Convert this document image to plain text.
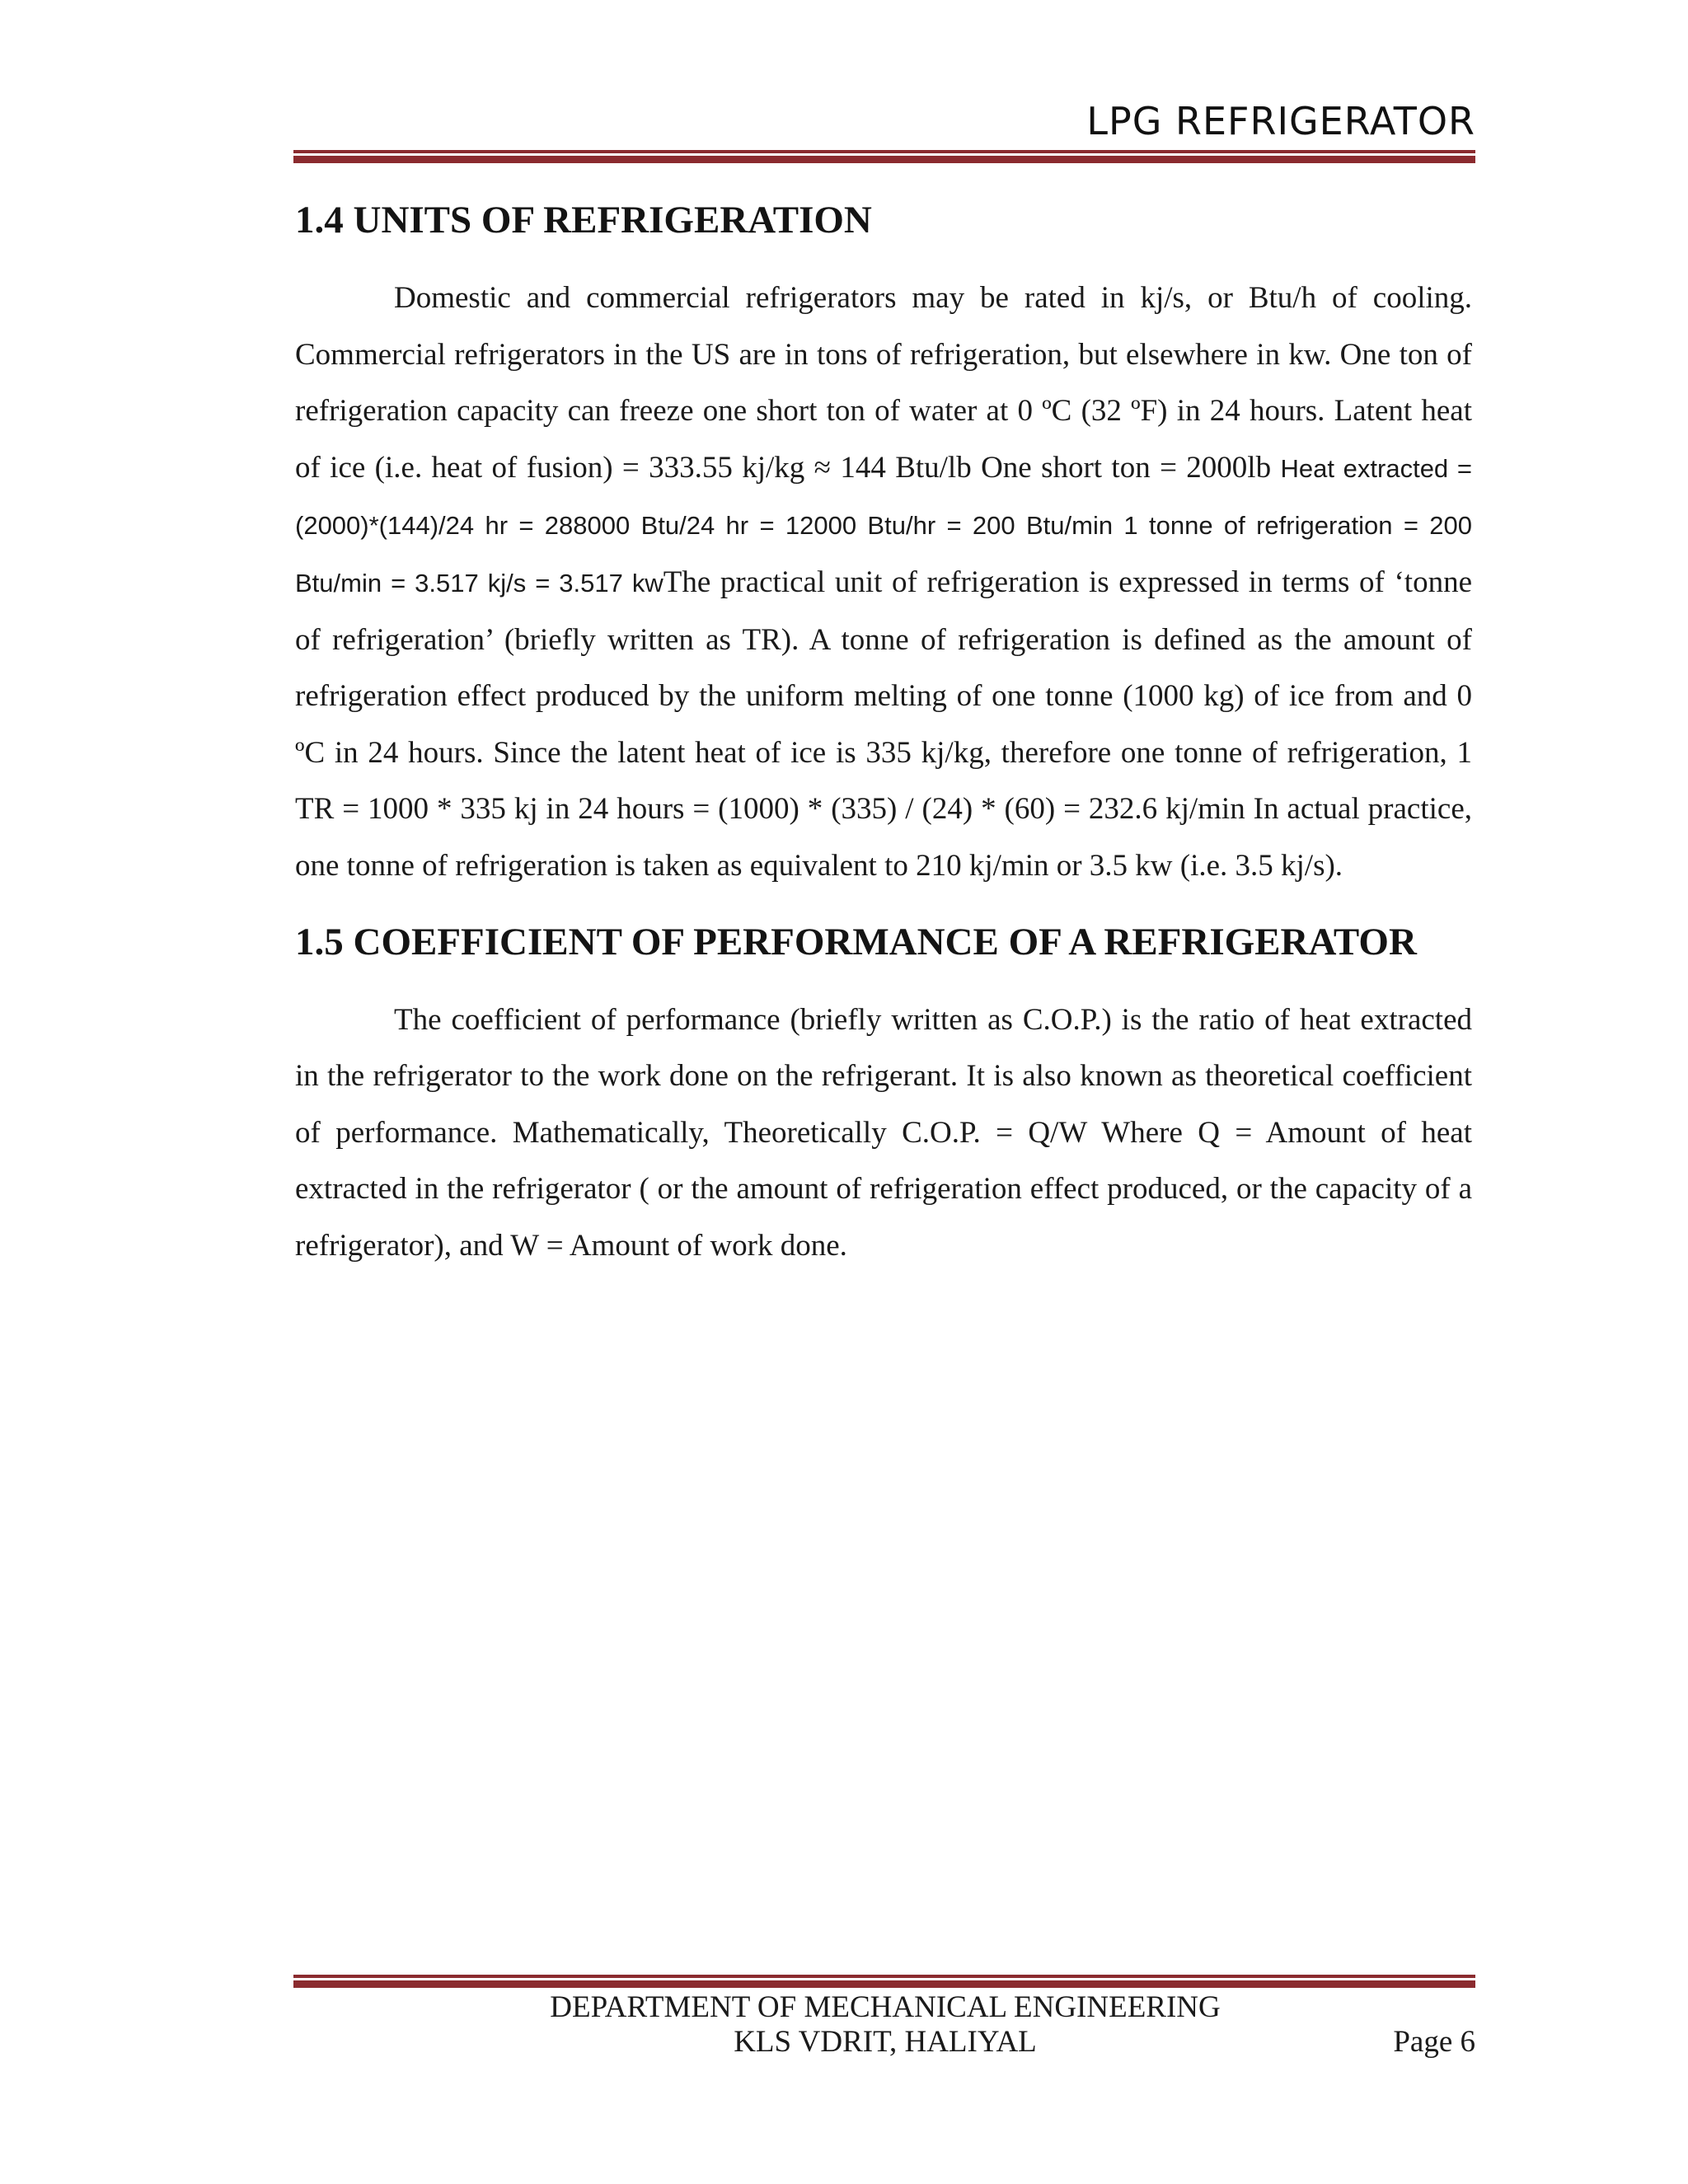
LPG REFRIGERATOR
1.4 UNITS OF REFRIGERATION

Domestic and commercial refrigerators may be rated in kj/s, or Btu/h of cooling. Commercial refrigerators in the US are in tons of refrigeration, but elsewhere in kw. One ton of refrigeration capacity can freeze one short ton of water at 0 ºC (32 ºF) in 24 hours. Latent heat of ice (i.e. heat of fusion) = 333.55 kj/kg ≈ 144 Btu/lb One short ton = 2000lb Heat extracted = (2000)*(144)/24 hr = 288000 Btu/24 hr = 12000 Btu/hr = 200 Btu/min 1 tonne of refrigeration = 200 Btu/min = 3.517 kj/s = 3.517 kwThe practical unit of refrigeration is expressed in terms of ‘tonne of refrigeration’ (briefly written as TR). A tonne of refrigeration is defined as the amount of refrigeration effect produced by the uniform melting of one tonne (1000 kg) of ice from and 0 ºC in 24 hours. Since the latent heat of ice is 335 kj/kg, therefore one tonne of refrigeration, 1 TR = 1000 * 335 kj in 24 hours = (1000) * (335) / (24) * (60) = 232.6 kj/min In actual practice, one tonne of refrigeration is taken as equivalent to 210 kj/min or 3.5 kw (i.e. 3.5 kj/s).

1.5 COEFFICIENT OF PERFORMANCE OF A REFRIGERATOR

The coefficient of performance (briefly written as C.O.P.) is the ratio of heat extracted in the refrigerator to the work done on the refrigerant. It is also known as theoretical coefficient of performance. Mathematically, Theoretically C.O.P. = Q/W Where Q = Amount of heat extracted in the refrigerator ( or the amount of refrigeration effect produced, or the capacity of a refrigerator), and W = Amount of work done.

DEPARTMENT OF MECHANICAL ENGINEERING
KLS VDRIT, HALIYAL	Page 6
